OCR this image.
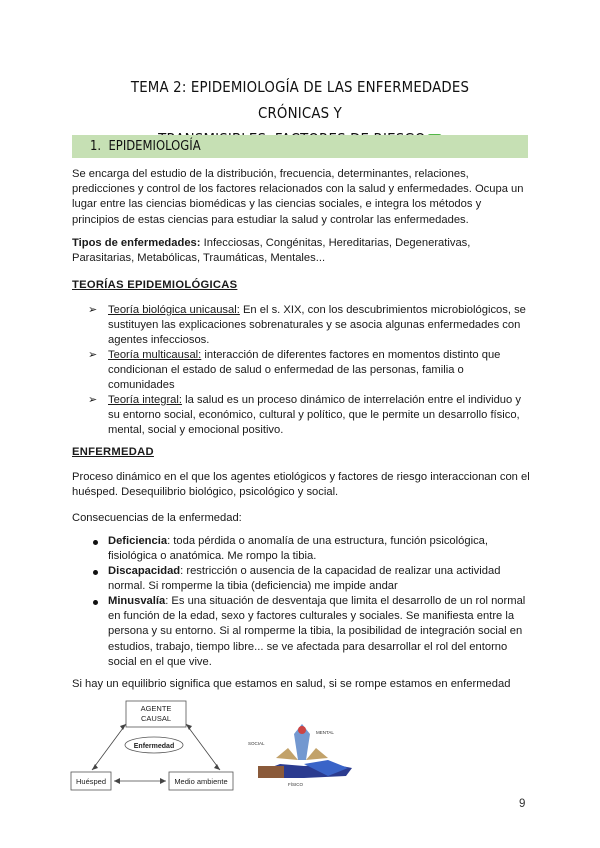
TEMA 2: EPIDEMIOLOGÍA DE LAS ENFERMEDADES CRÓNICAS Y
1. EPIDEMIOLOGÍA
Se encarga del estudio de la distribución, frecuencia, determinantes, relaciones,
predicciones y control de los factores relacionados con la salud y enfermedades. Ocupa un
lugar entre las ciencias biomédicas y las ciencias sociales, e integra los métodos y
principios de estas ciencias para estudiar la salud y controlar las enfermedades.
Tipos de enfermedades: Infecciosas, Congénitas, Hereditarias, Degenerativas,
Parasitarias, Metabólicas, Traumáticas, Mentales...
TEORÍAS EPIDEMIOLÓGICAS
➢ Teoría biológica unicausal: En el s. XIX, con los descubrimientos microbiológicos, se
sustituyen las explicaciones sobrenaturales y se asocia algunas enfermedades con
agentes infecciosos.
➢ Teoría multicausal: interacción de diferentes factores en momentos distinto que
condicionan el estado de salud o enfermedad de las personas, familia o
comunidades
➢ Teoría integral: la salud es un proceso dinámico de interrelación entre el individuo y
su entorno social, económico, cultural y político, que le permite un desarrollo físico,
mental, social y emocional positivo.
ENFERMEDAD
Proceso dinámico en el que los agentes etiológicos y factores de riesgo interaccionan con el
huésped. Desequilibrio biológico, psicológico y social.
Consecuencias de la enfermedad:
Deficiencia: toda pérdida o anomalía de una estructura, función psicológica,
fisiológica o anatómica. Me rompo la tibia.
Discapacidad: restricción o ausencia de la capacidad de realizar una actividad
normal. Si romperme la tibia (deficiencia) me impide andar
Minusvalía: Es una situación de desventaja que limita el desarrollo de un rol normal
en función de la edad, sexo y factores culturales y sociales. Se manifiesta entre la
persona y su entorno. Si al romperme la tibia, la posibilidad de integración social en
estudios, trabajo, tiempo libre... se ve afectada para desarrollar el rol del entorno
social en el que vive.
Si hay un equilibrio significa que estamos en salud, si se rompe estamos en enfermedad
AGENTE
CAUSAL
Enfermedad
Huésped	Medio ambiente
SOCIAL
MENTAL
FÍSICO
ENFERMEDAD
9
